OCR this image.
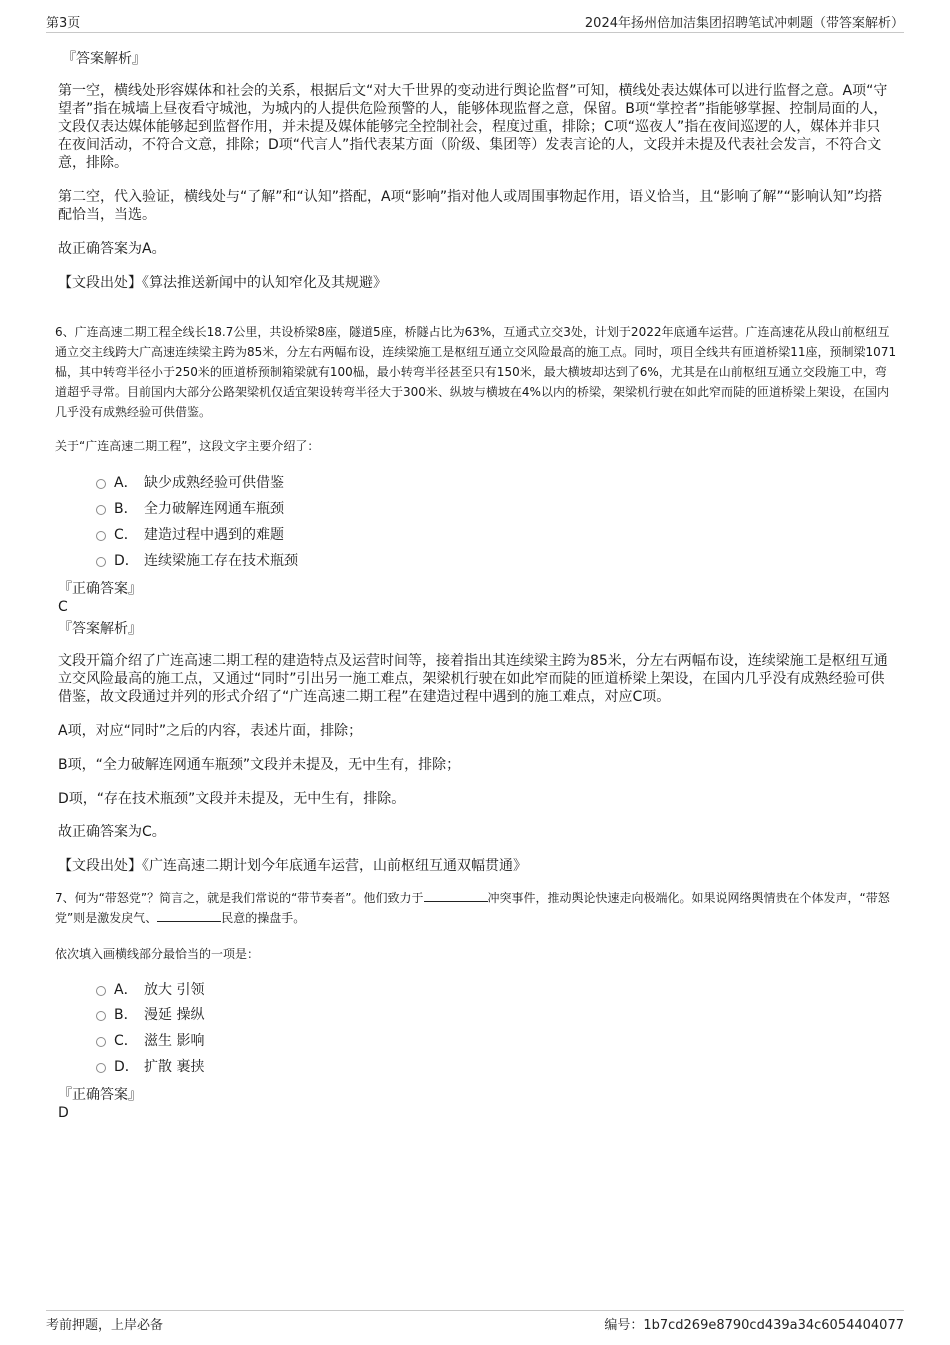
第3页	2024年扬州倍加洁集团招聘笔试冲刺题（带答案解析）
『答案解析』

第一空，横线处形容媒体和社会的关系，根据后文“对大千世界的变动进行舆论监督”可知，横线处表达媒体可以进行监督之意。A项“守望者”指在城墙上昼夜看守城池，为城内的人提供危险预警的人，能够体现监督之意，保留。B项“掌控者”指能够掌握、控制局面的人，文段仅表达媒体能够起到监督作用，并未提及媒体能够完全控制社会，程度过重，排除；C项“巡夜人”指在夜间巡逻的人，媒体并非只在夜间活动，不符合文意，排除；D项“代言人”指代表某方面（阶级、集团等）发表言论的人，文段并未提及代表社会发言，不符合文意，排除。

第二空，代入验证，横线处与“了解”和“认知”搭配，A项“影响”指对他人或周围事物起作用，语义恰当，且“影响了解”“影响认知”均搭配恰当，当选。

故正确答案为A。
【文段出处】《算法推送新闻中的认知窄化及其规避》

6、广连高速二期工程全线长18.7公里，共设桥梁8座，隧道5座，桥隧占比为63%，互通式立交3处，计划于2022年底通车运营。广连高速花从段山前枢纽互通立交主线跨大广高速连续梁主跨为85米，分左右两幅布设，连续梁施工是枢纽互通立交风险最高的施工点。同时，项目全线共有匝道桥梁11座，预制梁1071榀，其中转弯半径小于250米的匝道桥预制箱梁就有100榀，最小转弯半径甚至只有150米，最大横坡却达到了6%，尤其是在山前枢纽互通立交段施工中，弯道超乎寻常。目前国内大部分公路架梁机仅适宜架设转弯半径大于300米、纵坡与横坡在4%以内的桥梁，架梁机行驶在如此窄而陡的匝道桥梁上架设，在国内几乎没有成熟经验可供借鉴。

关于“广连高速二期工程”，这段文字主要介绍了：
A． 缺少成熟经验可供借鉴
B． 全力破解连网通车瓶颈
C． 建造过程中遇到的难题
D． 连续梁施工存在技术瓶颈
『正确答案』
C
『答案解析』

文段开篇介绍了广连高速二期工程的建造特点及运营时间等，接着指出其连续梁主跨为85米，分左右两幅布设，连续梁施工是枢纽互通立交风险最高的施工点，又通过“同时”引出另一施工难点，架梁机行驶在如此窄而陡的匝道桥梁上架设，在国内几乎没有成熟经验可供借鉴，故文段通过并列的形式介绍了“广连高速二期工程”在建造过程中遇到的施工难点，对应C项。

A项，对应“同时”之后的内容，表述片面，排除；
B项，“全力破解连网通车瓶颈”文段并未提及，无中生有，排除；
D项，“存在技术瓶颈”文段并未提及，无中生有，排除。
故正确答案为C。
【文段出处】《广连高速二期计划今年底通车运营，山前枢纽互通双幅贯通》

7、何为“带怒党”？简言之，就是我们常说的“带节奏者”。他们致力于	冲突事件，推动舆论快速走向极端化。如果说网络舆情贵在个体发声，“带怒党”则是激发戾气、	民意的操盘手。

依次填入画横线部分最恰当的一项是：
A． 放大 引领
B． 漫延 操纵
C． 滋生 影响
D． 扩散 裹挟
『正确答案』
D
考前押题，上岸必备	编号：1b7cd269e8790cd439a34c6054404077
